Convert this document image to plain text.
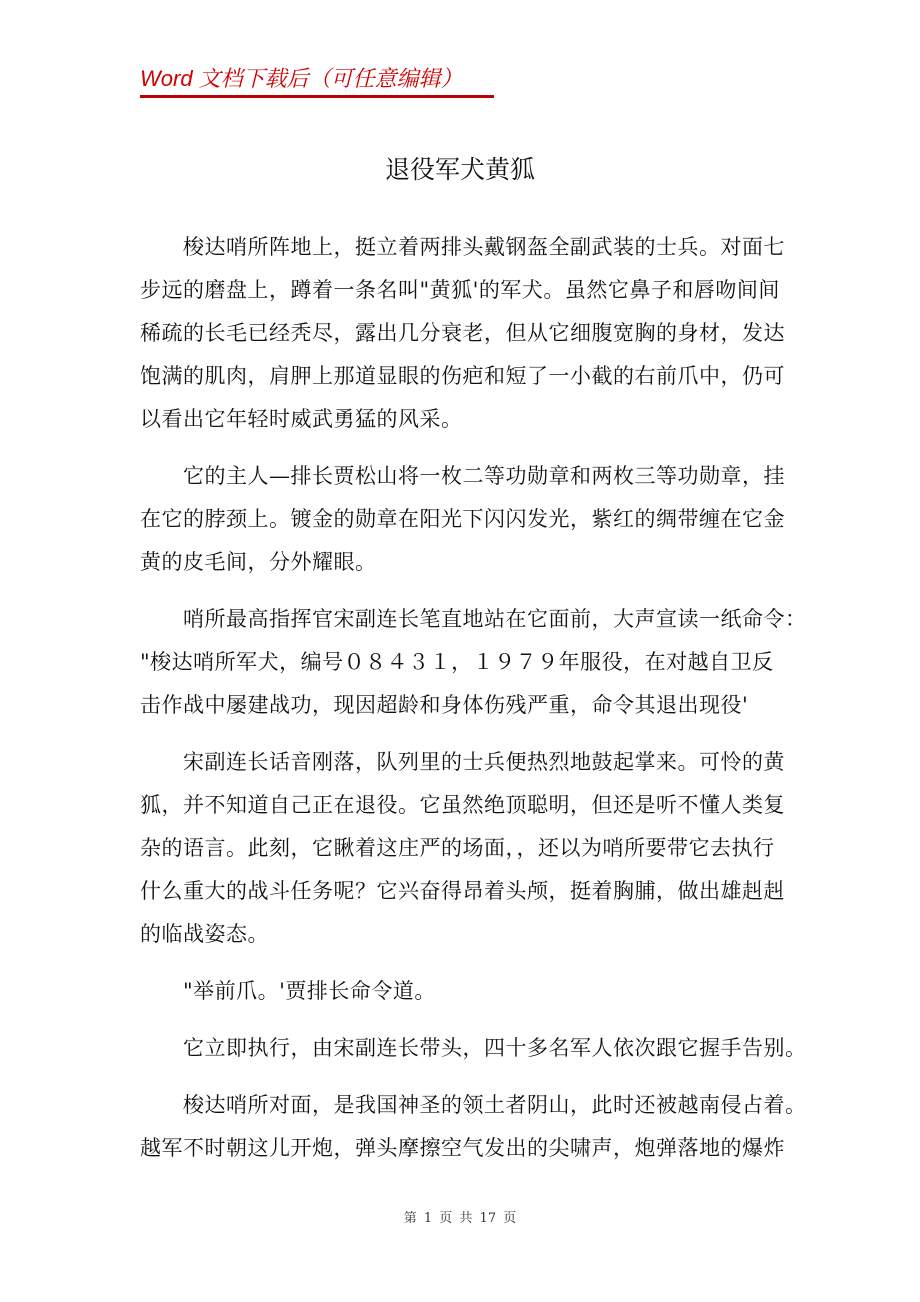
Word 文档下载后（可任意编辑）
退役军犬黄狐
梭达哨所阵地上，挺立着两排头戴钢盔全副武装的士兵。对面七
步远的磨盘上，蹲着一条名叫"黄狐'的军犬。虽然它鼻子和唇吻间间
稀疏的长毛已经秃尽，露出几分衰老，但从它细腹宽胸的身材，发达
饱满的肌肉，肩胛上那道显眼的伤疤和短了一小截的右前爪中，仍可
以看出它年轻时威武勇猛的风采。
它的主人—排长贾松山将一枚二等功勋章和两枚三等功勋章，挂
在它的脖颈上。镀金的勋章在阳光下闪闪发光，紫红的绸带缠在它金
黄的皮毛间，分外耀眼。
哨所最高指挥官宋副连长笔直地站在它面前，大声宣读一纸命令：
"梭达哨所军犬，编号０８４３１，１９７９年服役，在对越自卫反
击作战中屡建战功，现因超龄和身体伤残严重，命令其退出现役'
宋副连长话音刚落，队列里的士兵便热烈地鼓起掌来。可怜的黄
狐，并不知道自己正在退役。它虽然绝顶聪明，但还是听不懂人类复
杂的语言。此刻，它瞅着这庄严的场面，，还以为哨所要带它去执行
什么重大的战斗任务呢？它兴奋得昂着头颅，挺着胸脯，做出雄赳赳
的临战姿态。
"举前爪。'贾排长命令道。
它立即执行，由宋副连长带头，四十多名军人依次跟它握手告别。
梭达哨所对面，是我国神圣的领土者阴山，此时还被越南侵占着。
越军不时朝这儿开炮，弹头摩擦空气发出的尖啸声，炮弹落地的爆炸
第 1 页 共 17 页
